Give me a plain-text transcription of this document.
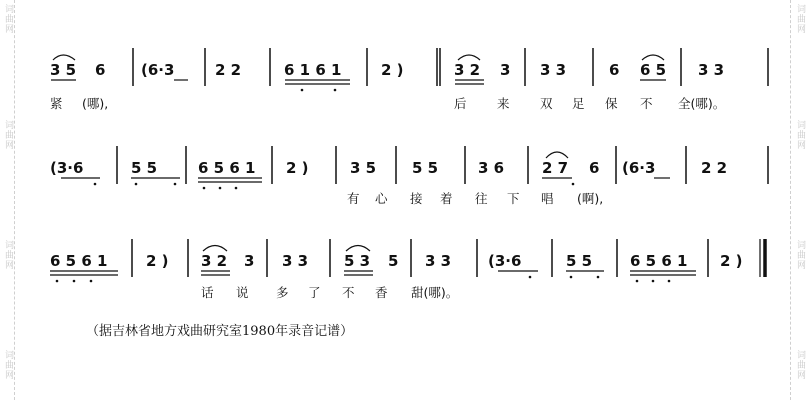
词曲网
词曲网
词曲网
词曲网
词曲网
词曲网
词曲网
词曲网
3 5 6 (6·3	2 2	6 1 6 1	2 )	3 2 3 3 3	6 6 5 3 3
紧 (哪),	后 来 双 足 保 不 全(哪)。
(3·6	5 5	6 5 6 1 2 )	3 5 5 5	3 6	2 7 6 (6·3	2 2
有 心 接 着 往 下 唱 (啊),
6 5 6 1	2 ) 3 2 3 3 3 5 3 5 3 3 (3·6	5 5	6 5 6 1 2 )
话 说 多 了 不 香 甜(哪)。
（据吉林省地方戏曲研究室1980年录音记谱）
